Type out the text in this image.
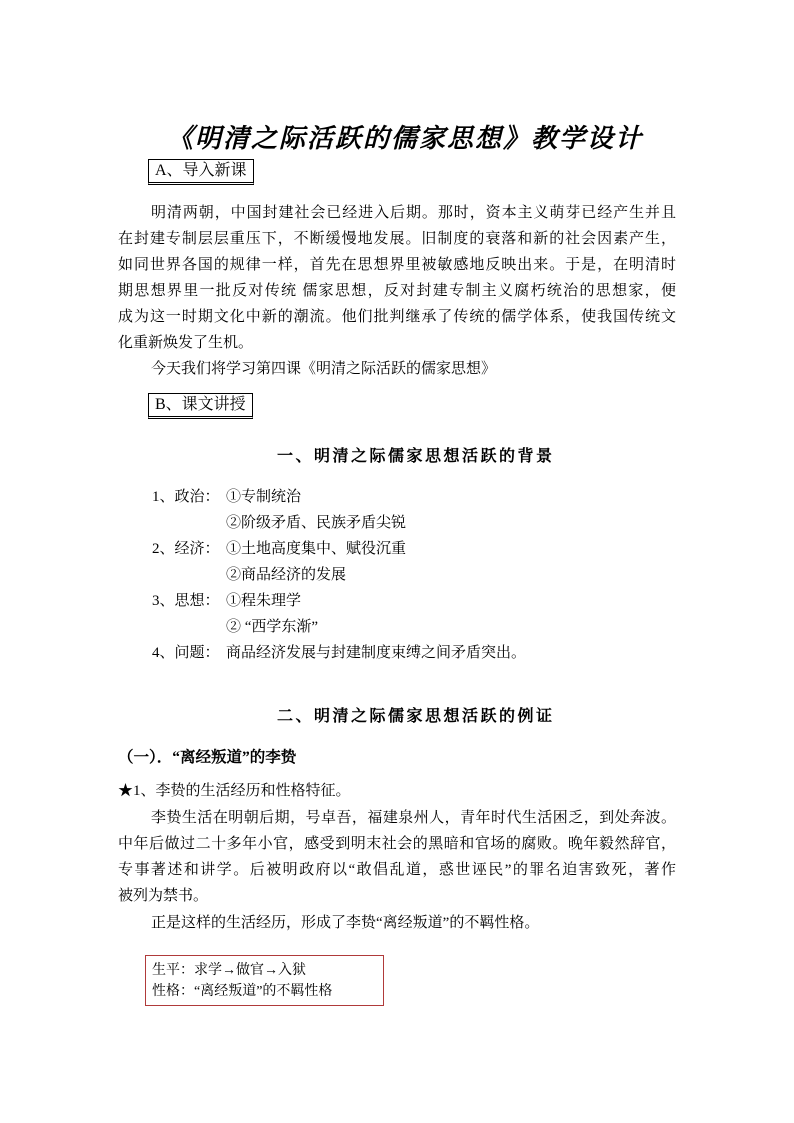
《明清之际活跃的儒家思想》教学设计
A、导入新课
明清两朝，中国封建社会已经进入后期。那时，资本主义萌芽已经产生并且
在封建专制层层重压下，不断缓慢地发展。旧制度的衰落和新的社会因素产生，
如同世界各国的规律一样，首先在思想界里被敏感地反映出来。于是，在明清时
期思想界里一批反对传统 儒家思想，反对封建专制主义腐朽统治的思想家，便
成为这一时期文化中新的潮流。他们批判继承了传统的儒学体系，使我国传统文
化重新焕发了生机。
今天我们将学习第四课《明清之际活跃的儒家思想》
B、课文讲授
一、明清之际儒家思想活跃的背景
1、政治： ①专制统治
②阶级矛盾、民族矛盾尖锐
2、经济： ①土地高度集中、赋役沉重
②商品经济的发展
3、思想： ①程朱理学
② “西学东渐”
4、问题： 商品经济发展与封建制度束缚之间矛盾突出。
二、明清之际儒家思想活跃的例证
（一）．“离经叛道”的李贽
★1、李贽的生活经历和性格特征。
李贽生活在明朝后期，号卓吾，福建泉州人，青年时代生活困乏，到处奔波。
中年后做过二十多年小官，感受到明末社会的黑暗和官场的腐败。晚年毅然辞官，
专事著述和讲学。后被明政府以“敢倡乱道，惑世诬民”的罪名迫害致死，著作
被列为禁书。
正是这样的生活经历，形成了李贽“离经叛道”的不羁性格。
生平：求学→做官→入狱
性格：“离经叛道”的不羁性格
